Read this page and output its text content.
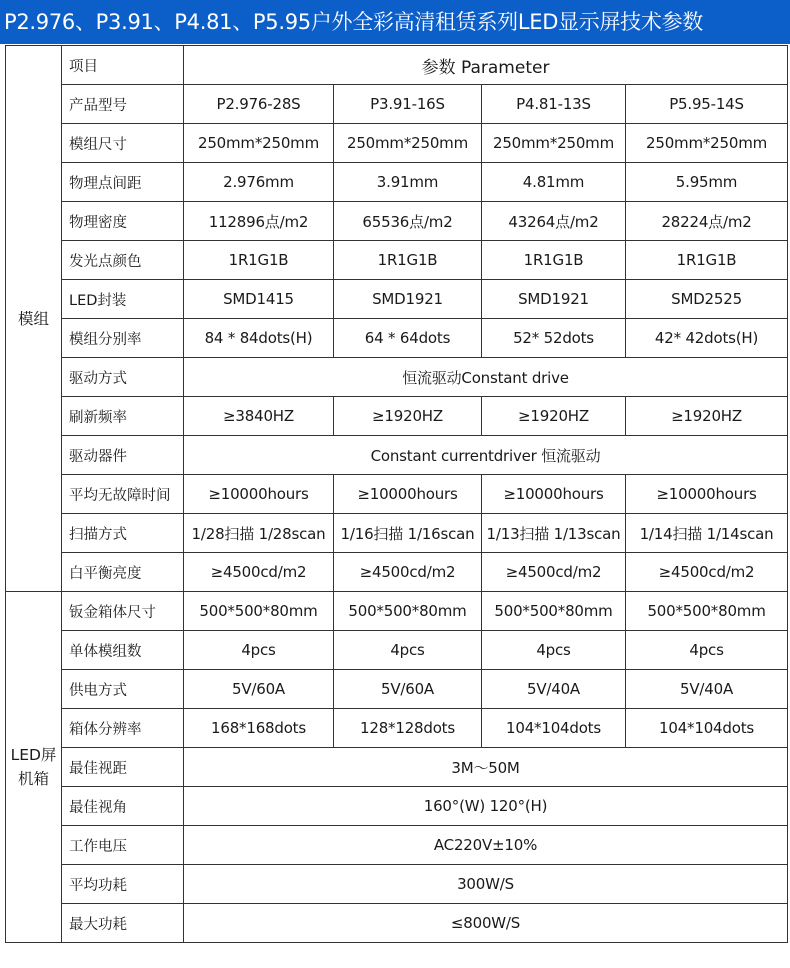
P2.976、P3.91、P4.81、P5.95户外全彩高清租赁系列LED显示屏技术参数
模组	项目	参数 Parameter			
	产品型号	P2.976-28S	P3.91-16S	P4.81-13S	P5.95-14S
	模组尺寸	250mm*250mm	250mm*250mm	250mm*250mm	250mm*250mm
	物理点间距	2.976mm	3.91mm	4.81mm	5.95mm
	物理密度	112896点/m2	65536点/m2	43264点/m2	28224点/m2
	发光点颜色	1R1G1B	1R1G1B	1R1G1B	1R1G1B
	LED封装	SMD1415	SMD1921	SMD1921	SMD2525
	模组分别率	84 * 84dots(H)	64 * 64dots	52* 52dots	42* 42dots(H)
	驱动方式	恒流驱动Constant drive			
	刷新频率	≥3840HZ	≥1920HZ	≥1920HZ	≥1920HZ
	驱动器件	Constant currentdriver 恒流驱动			
	平均无故障时间	≥10000hours	≥10000hours	≥10000hours	≥10000hours
	扫描方式	1/28扫描 1/28scan	1/16扫描 1/16scan	1/13扫描 1/13scan	1/14扫描 1/14scan
	白平衡亮度	≥4500cd/m2	≥4500cd/m2	≥4500cd/m2	≥4500cd/m2
LED屏机箱	钣金箱体尺寸	500*500*80mm	500*500*80mm	500*500*80mm	500*500*80mm
	单体模组数	4pcs	4pcs	4pcs	4pcs
	供电方式	5V/60A	5V/60A	5V/40A	5V/40A
	箱体分辨率	168*168dots	128*128dots	104*104dots	104*104dots
	最佳视距	3M～50M			
	最佳视角	160°(W) 120°(H)			
	工作电压	AC220V±10%			
	平均功耗	300W/S			
	最大功耗	≤800W/S			
